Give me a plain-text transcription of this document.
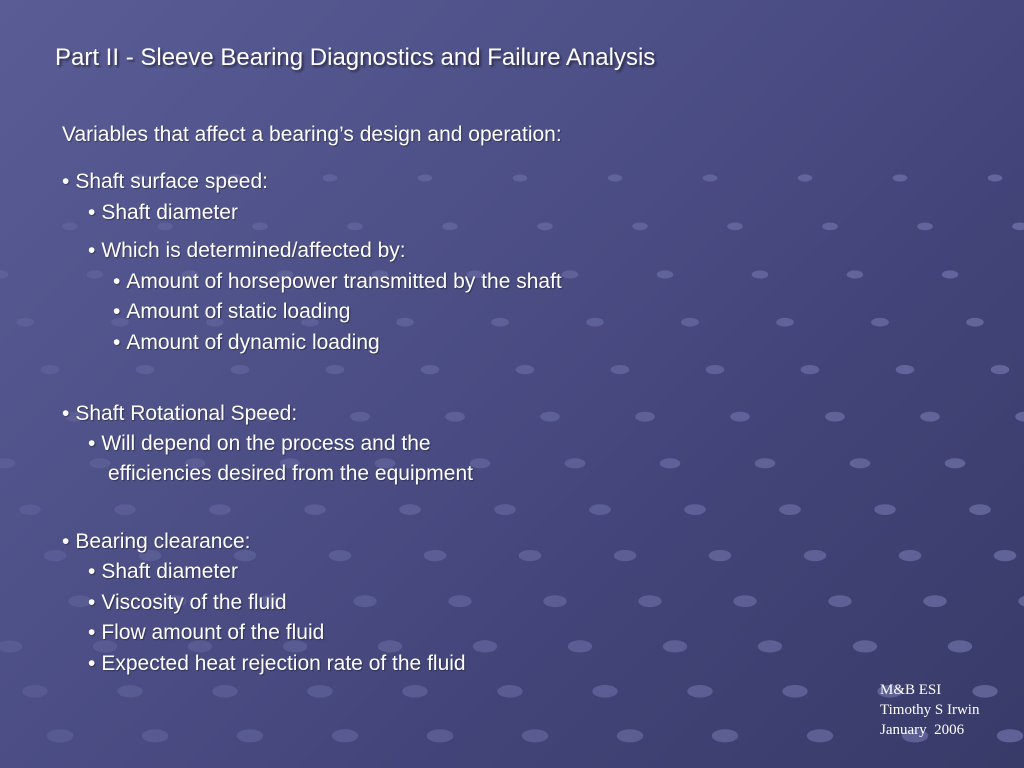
Part II - Sleeve Bearing Diagnostics and Failure Analysis
Variables that affect a bearing’s design and operation:
• Shaft surface speed:
• Shaft diameter
• Which is determined/affected by:
• Amount of horsepower transmitted by the shaft
• Amount of static loading
• Amount of dynamic loading
• Shaft Rotational Speed:
• Will depend on the process and the
efficiencies desired from the equipment
• Bearing clearance:
• Shaft diameter
• Viscosity of the fluid
• Flow amount of the fluid
• Expected heat rejection rate of the fluid
M&B ESI
Timothy S Irwin
January  2006
